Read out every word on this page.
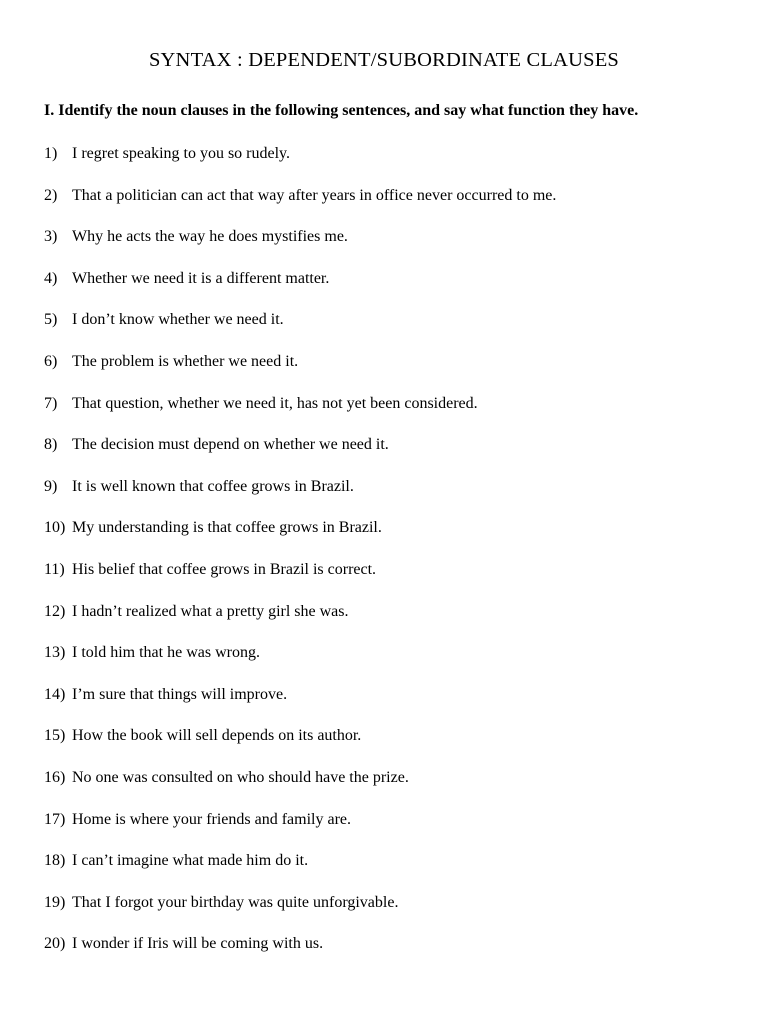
SYNTAX : DEPENDENT/SUBORDINATE CLAUSES

I. Identify the noun clauses in the following sentences, and say what function they have.

1) I regret speaking to you so rudely.
2) That a politician can act that way after years in office never occurred to me.
3) Why he acts the way he does mystifies me.
4) Whether we need it is a different matter.
5) I don’t know whether we need it.
6) The problem is whether we need it.
7) That question, whether we need it, has not yet been considered.
8) The decision must depend on whether we need it.
9) It is well known that coffee grows in Brazil.
10) My understanding is that coffee grows in Brazil.
11) His belief that coffee grows in Brazil is correct.
12) I hadn’t realized what a pretty girl she was.
13) I told him that he was wrong.
14) I’m sure that things will improve.
15) How the book will sell depends on its author.
16) No one was consulted on who should have the prize.
17) Home is where your friends and family are.
18) I can’t imagine what made him do it.
19) That I forgot your birthday was quite unforgivable.
20) I wonder if Iris will be coming with us.
